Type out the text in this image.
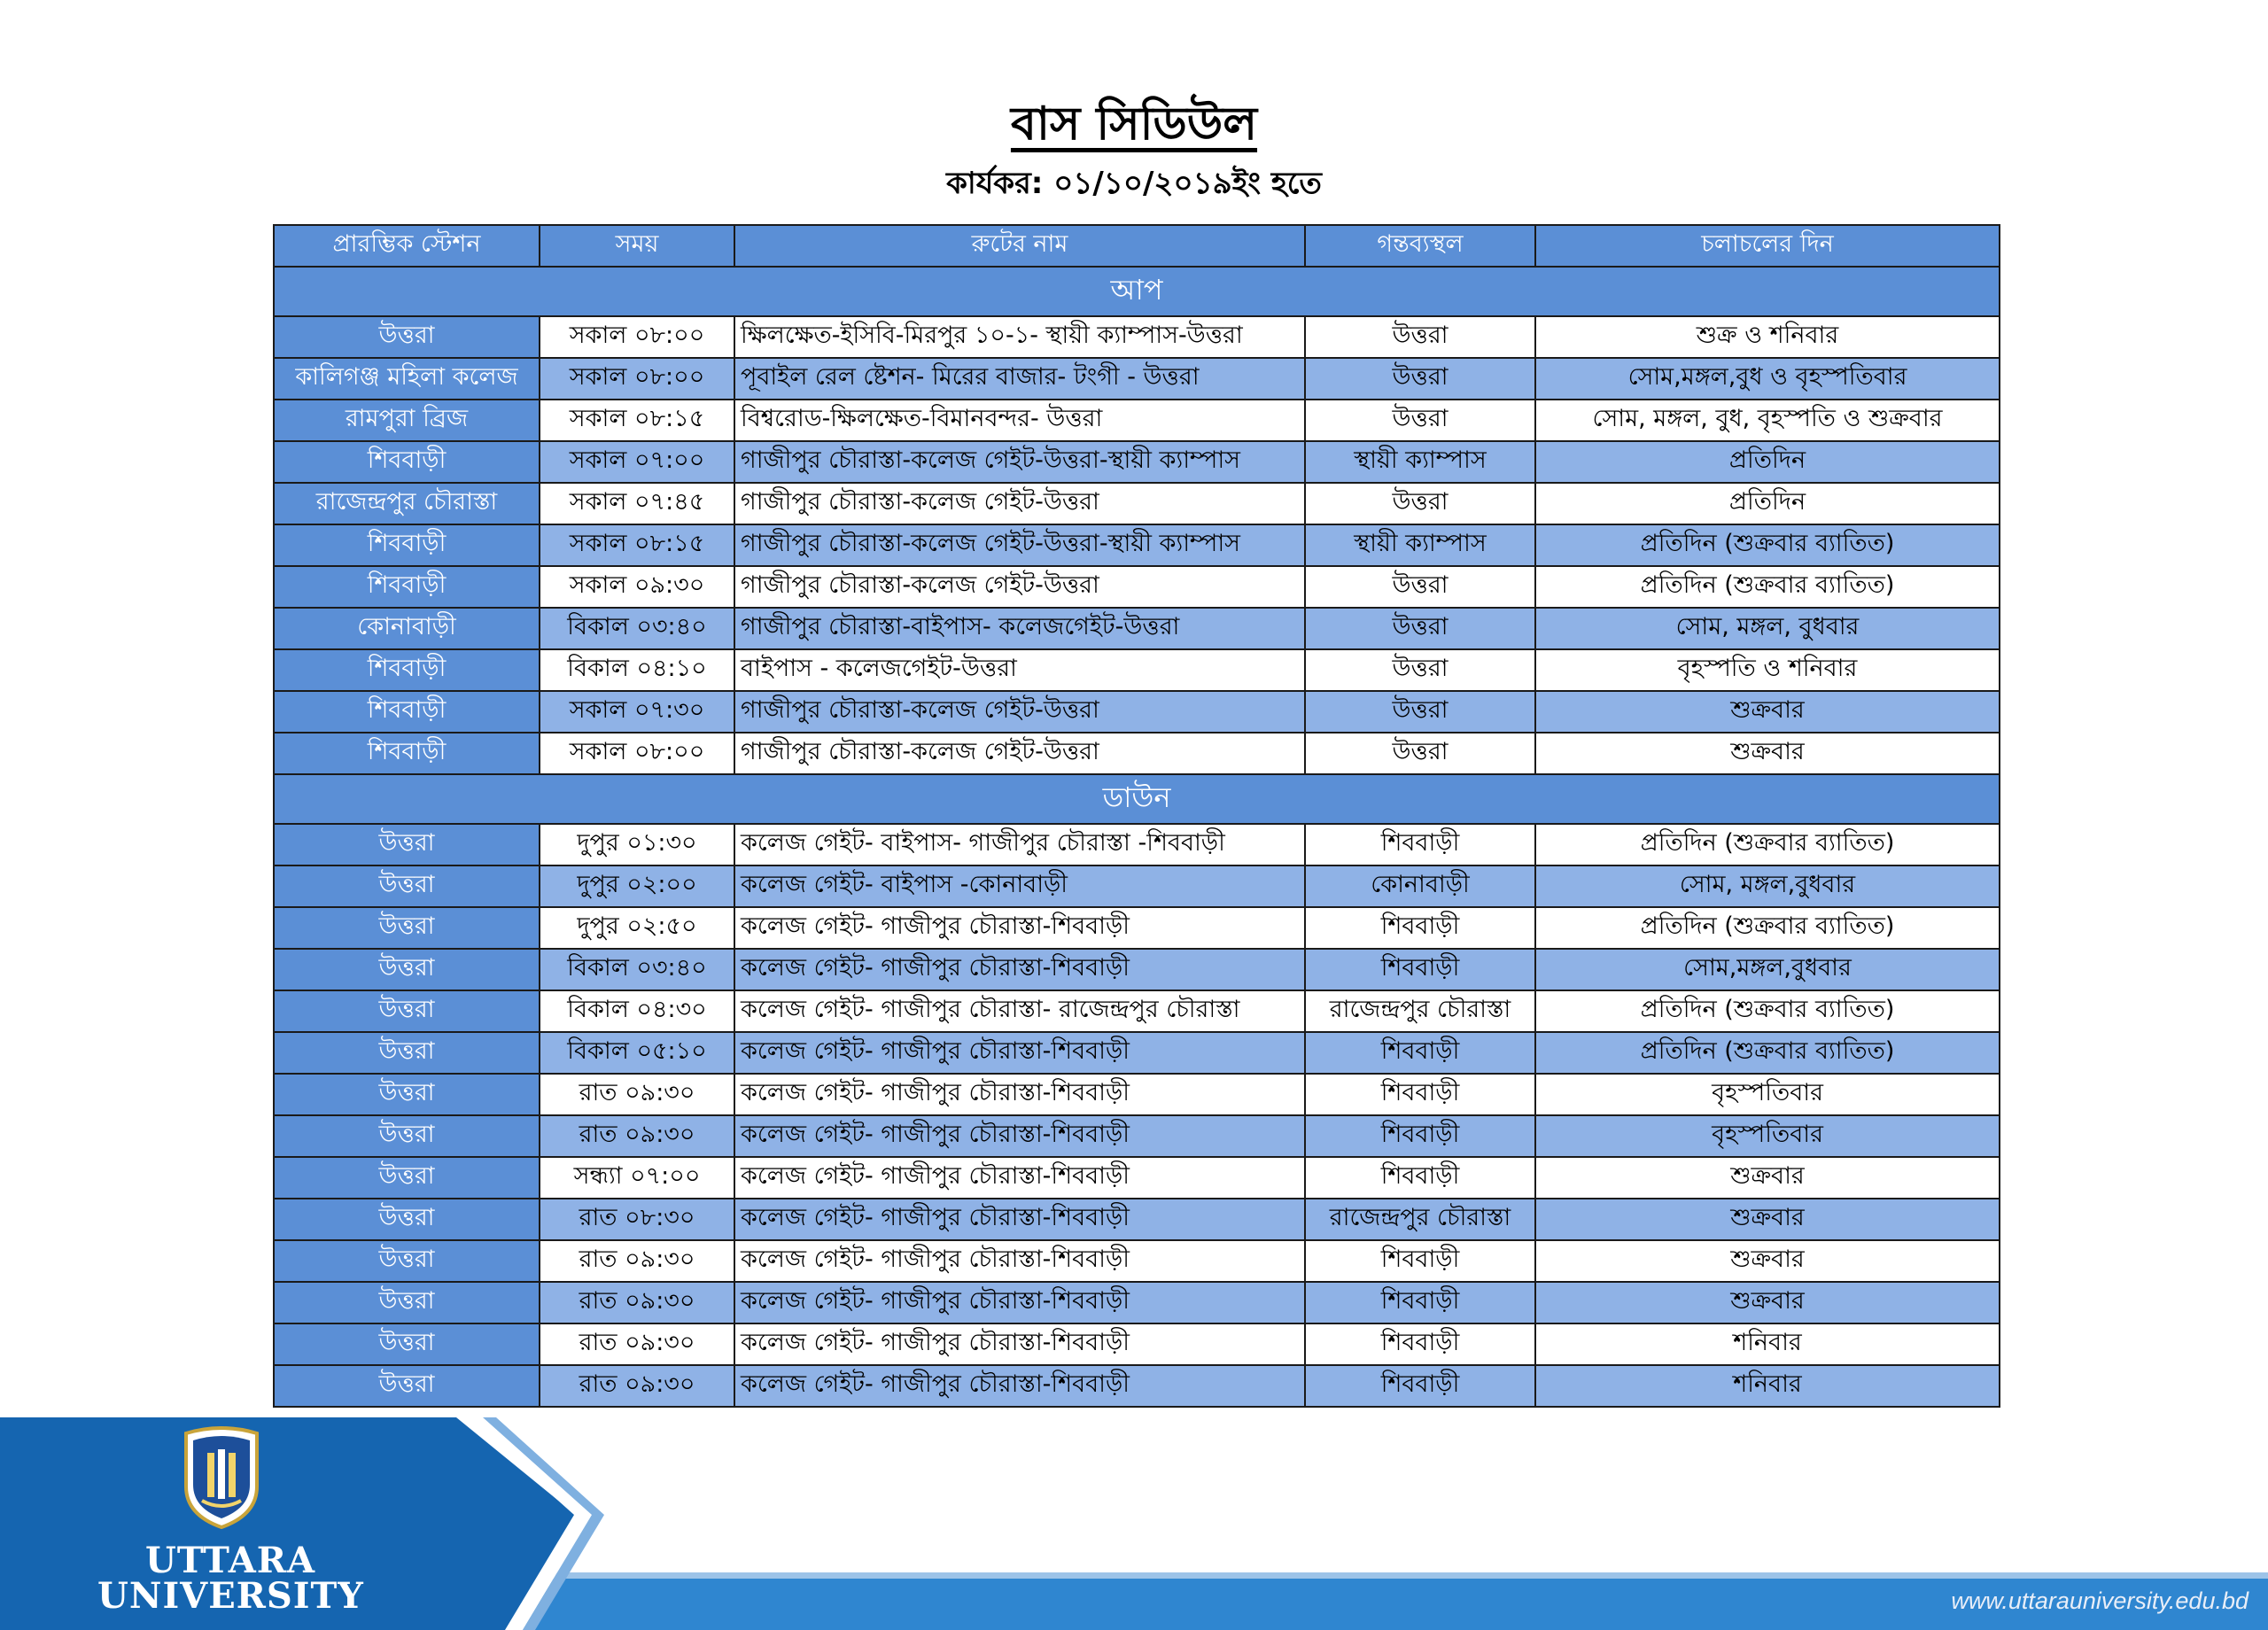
বাস সিডিউল
কার্যকর: ০১/১০/২০১৯ইং হতে
প্রারম্ভিক স্টেশন	সময়	রুটের নাম	গন্তব্যস্থল	চলাচলের দিন
আপ				
উত্তরা	সকাল ০৮:০০	ক্ষিলক্ষেত-ইসিবি-মিরপুর ১০-১- স্থায়ী ক্যাম্পাস-উত্তরা	উত্তরা	শুক্র ও শনিবার
কালিগঞ্জ মহিলা কলেজ	সকাল ০৮:০০	পূবাইল রেল ষ্টেশন- মিরের বাজার- টংগী - উত্তরা	উত্তরা	সোম,মঙ্গল,বুধ ও বৃহস্পতিবার
রামপুরা ব্রিজ	সকাল ০৮:১৫	বিশ্বরোড-ক্ষিলক্ষেত-বিমানবন্দর- উত্তরা	উত্তরা	সোম, মঙ্গল, বুধ, বৃহস্পতি ও শুক্রবার
শিববাড়ী	সকাল ০৭:০০	গাজীপুর চৌরাস্তা-কলেজ গেইট-উত্তরা-স্থায়ী ক্যাম্পাস	স্থায়ী ক্যাম্পাস	প্রতিদিন
রাজেন্দ্রপুর চৌরাস্তা	সকাল ০৭:৪৫	গাজীপুর চৌরাস্তা-কলেজ গেইট-উত্তরা	উত্তরা	প্রতিদিন
শিববাড়ী	সকাল ০৮:১৫	গাজীপুর চৌরাস্তা-কলেজ গেইট-উত্তরা-স্থায়ী ক্যাম্পাস	স্থায়ী ক্যাম্পাস	প্রতিদিন (শুক্রবার ব্যাতিত)
শিববাড়ী	সকাল ০৯:৩০	গাজীপুর চৌরাস্তা-কলেজ গেইট-উত্তরা	উত্তরা	প্রতিদিন (শুক্রবার ব্যাতিত)
কোনাবাড়ী	বিকাল ০৩:৪০	গাজীপুর চৌরাস্তা-বাইপাস- কলেজগেইট-উত্তরা	উত্তরা	সোম, মঙ্গল, বুধবার
শিববাড়ী	বিকাল ০৪:১০	বাইপাস - কলেজগেইট-উত্তরা	উত্তরা	বৃহস্পতি ও শনিবার
শিববাড়ী	সকাল ০৭:৩০	গাজীপুর চৌরাস্তা-কলেজ গেইট-উত্তরা	উত্তরা	শুক্রবার
শিববাড়ী	সকাল ০৮:০০	গাজীপুর চৌরাস্তা-কলেজ গেইট-উত্তরা	উত্তরা	শুক্রবার
ডাউন				
উত্তরা	দুপুর ০১:৩০	কলেজ গেইট- বাইপাস- গাজীপুর চৌরাস্তা -শিববাড়ী	শিববাড়ী	প্রতিদিন (শুক্রবার ব্যাতিত)
উত্তরা	দুপুর ০২:০০	কলেজ গেইট- বাইপাস -কোনাবাড়ী	কোনাবাড়ী	সোম, মঙ্গল,বুধবার
উত্তরা	দুপুর ০২:৫০	কলেজ গেইট- গাজীপুর চৌরাস্তা-শিববাড়ী	শিববাড়ী	প্রতিদিন (শুক্রবার ব্যাতিত)
উত্তরা	বিকাল ০৩:৪০	কলেজ গেইট- গাজীপুর চৌরাস্তা-শিববাড়ী	শিববাড়ী	সোম,মঙ্গল,বুধবার
উত্তরা	বিকাল ০৪:৩০	কলেজ গেইট- গাজীপুর চৌরাস্তা- রাজেন্দ্রপুর চৌরাস্তা	রাজেন্দ্রপুর চৌরাস্তা	প্রতিদিন (শুক্রবার ব্যাতিত)
উত্তরা	বিকাল ০৫:১০	কলেজ গেইট- গাজীপুর চৌরাস্তা-শিববাড়ী	শিববাড়ী	প্রতিদিন (শুক্রবার ব্যাতিত)
উত্তরা	রাত ০৯:৩০	কলেজ গেইট- গাজীপুর চৌরাস্তা-শিববাড়ী	শিববাড়ী	বৃহস্পতিবার
উত্তরা	রাত ০৯:৩০	কলেজ গেইট- গাজীপুর চৌরাস্তা-শিববাড়ী	শিববাড়ী	বৃহস্পতিবার
উত্তরা	সন্ধ্যা ০৭:০০	কলেজ গেইট- গাজীপুর চৌরাস্তা-শিববাড়ী	শিববাড়ী	শুক্রবার
উত্তরা	রাত ০৮:৩০	কলেজ গেইট- গাজীপুর চৌরাস্তা-শিববাড়ী	রাজেন্দ্রপুর চৌরাস্তা	শুক্রবার
উত্তরা	রাত ০৯:৩০	কলেজ গেইট- গাজীপুর চৌরাস্তা-শিববাড়ী	শিববাড়ী	শুক্রবার
উত্তরা	রাত ০৯:৩০	কলেজ গেইট- গাজীপুর চৌরাস্তা-শিববাড়ী	শিববাড়ী	শুক্রবার
উত্তরা	রাত ০৯:৩০	কলেজ গেইট- গাজীপুর চৌরাস্তা-শিববাড়ী	শিববাড়ী	শনিবার
উত্তরা	রাত ০৯:৩০	কলেজ গেইট- গাজীপুর চৌরাস্তা-শিববাড়ী	শিববাড়ী	শনিবার
UTTARA
UNIVERSITY	www.uttarauniversity.edu.bd
